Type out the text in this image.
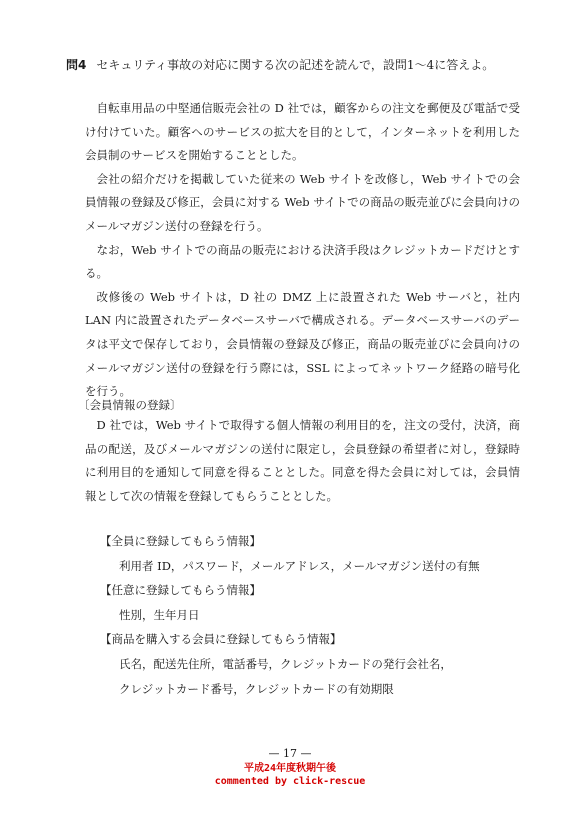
問4 セキュリティ事故の対応に関する次の記述を読んで，設問1～4に答えよ。

自転車用品の中堅通信販売会社の D 社では，顧客からの注文を郵便及び電話で受け付けていた。顧客へのサービスの拡大を目的として，インターネットを利用した会員制のサービスを開始することとした。

会社の紹介だけを掲載していた従来の Web サイトを改修し，Web サイトでの会員情報の登録及び修正，会員に対する Web サイトでの商品の販売並びに会員向けのメールマガジン送付の登録を行う。

なお，Web サイトでの商品の販売における決済手段はクレジットカードだけとする。

改修後の Web サイトは，D 社の DMZ 上に設置された Web サーバと，社内 LAN 内に設置されたデータベースサーバで構成される。データベースサーバのデータは平文で保存しており，会員情報の登録及び修正，商品の販売並びに会員向けのメールマガジン送付の登録を行う際には，SSL によってネットワーク経路の暗号化を行う。

〔会員情報の登録〕

D 社では，Web サイトで取得する個人情報の利用目的を，注文の受付，決済，商品の配送，及びメールマガジンの送付に限定し，会員登録の希望者に対し，登録時に利用目的を通知して同意を得ることとした。同意を得た会員に対しては，会員情報として次の情報を登録してもらうこととした。

【全員に登録してもらう情報】
利用者 ID，パスワード，メールアドレス，メールマガジン送付の有無
【任意に登録してもらう情報】
性別，生年月日
【商品を購入する会員に登録してもらう情報】
氏名，配送先住所，電話番号，クレジットカードの発行会社名，
クレジットカード番号，クレジットカードの有効期限
— 17 —
平成24年度秋期午後
commented by click-rescue
